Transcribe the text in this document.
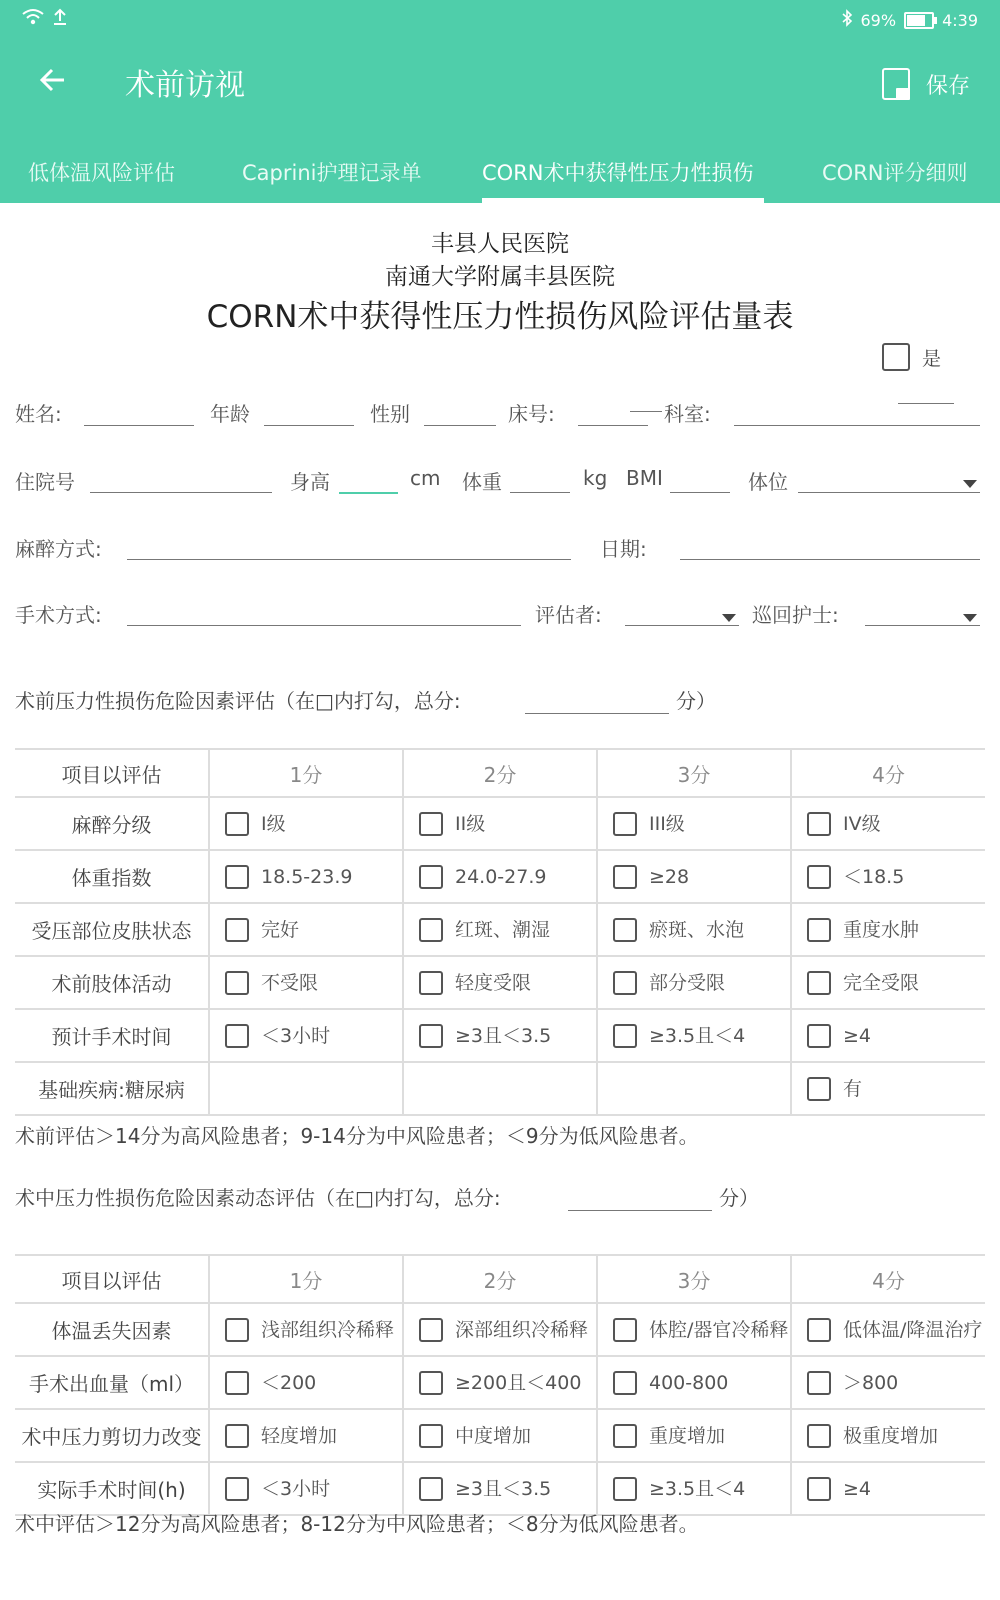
69%	4:39
术前访视	保存
低体温风险评估	Caprini护理记录单	CORN术中获得性压力性损伤	CORN评分细则
丰县人民医院
南通大学附属丰县医院
CORN术中获得性压力性损伤风险评估量表
是
姓名:	年龄	性别	床号:	科室:
住院号	身高	cm 体重	kg BMI	体位
麻醉方式:	日期:
手术方式:	评估者:	巡回护士:
术前压力性损伤危险因素评估（在□内打勾，总分:	分）
项目以评估	1分	2分	3分	4分
麻醉分级	I级	II级	III级	IV级

体重指数	18.5-23.9	24.0-27.9	≥28	＜18.5

受压部位皮肤状态	完好	红斑、潮湿	瘀斑、水泡	重度水肿

术前肢体活动	不受限	轻度受限	部分受限	完全受限

预计手术时间	＜3小时	≥3且＜3.5	≥3.5且＜4	≥4

基础疾病:糖尿病				有
术前评估＞14分为高风险患者；9-14分为中风险患者；＜9分为低风险患者。
术中压力性损伤危险因素动态评估（在□内打勾，总分:	分）
项目以评估	1分	2分	3分	4分
体温丢失因素	浅部组织冷稀释	深部组织冷稀释	体腔/器官冷稀释	低体温/降温治疗

手术出血量（ml）	＜200	≥200且＜400	400-800	＞800

术中压力剪切力改变	轻度增加	中度增加	重度增加	极重度增加

实际手术时间(h)	＜3小时	≥3且＜3.5	≥3.5且＜4	≥4
术中评估＞12分为高风险患者；8-12分为中风险患者；＜8分为低风险患者。
